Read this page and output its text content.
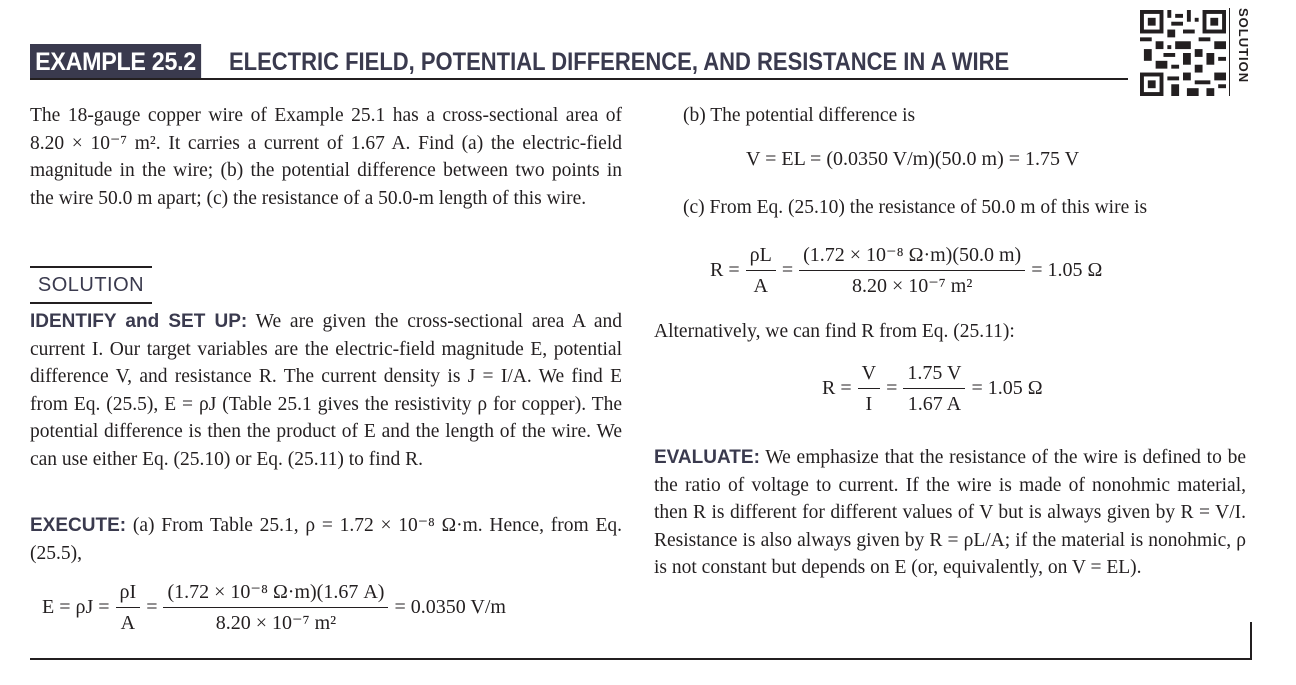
EXAMPLE 25.2 ELECTRIC FIELD, POTENTIAL DIFFERENCE, AND RESISTANCE IN A WIRE	SOLUTION
The 18-gauge copper wire of Example 25.1 has a cross-sectional area of 8.20 × 10⁻⁷ m². It carries a current of 1.67 A. Find (a) the electric-field magnitude in the wire; (b) the potential difference between two points in the wire 50.0 m apart; (c) the resistance of a 50.0-m length of this wire.
SOLUTION
IDENTIFY and SET UP: We are given the cross-sectional area A and current I. Our target variables are the electric-field magnitude E, potential difference V, and resistance R. The current density is J = I/A. We find E from Eq. (25.5), E = ρJ (Table 25.1 gives the resistivity ρ for copper). The potential difference is then the product of E and the length of the wire. We can use either Eq. (25.10) or Eq. (25.11) to find R.
EXECUTE: (a) From Table 25.1, ρ = 1.72 × 10⁻⁸ Ω·m. Hence, from Eq. (25.5),
$E = \rho J = \frac{\rho I}{A} = \frac{\text{(1.72 × 10⁻⁸ Ω·m)(1.67 A)}}{\text{8.20 × 10⁻⁷ m²}} = 0.0350$ V/m
(b) The potential difference is
V = EL = (0.0350 V/m)(50.0 m) = 1.75 V
(c) From Eq. (25.10) the resistance of 50.0 m of this wire is
$R = \frac{\rho L}{A} = \frac{\text{(1.72 × 10⁻⁸ Ω·m)(50.0 m)}}{\text{8.20 × 10⁻⁷ m²}} = 1.05$ Ω
Alternatively, we can find R from Eq. (25.11):
$R = \frac{V}{I} = \frac{1.75 V}{1.67 A} = 1.05$ Ω
EVALUATE: We emphasize that the resistance of the wire is defined to be the ratio of voltage to current. If the wire is made of nonohmic material, then R is different for different values of V but is always given by R = V/I. Resistance is also always given by R = ρL/A; if the material is nonohmic, ρ is not constant but depends on E (or, equivalently, on V = EL).
